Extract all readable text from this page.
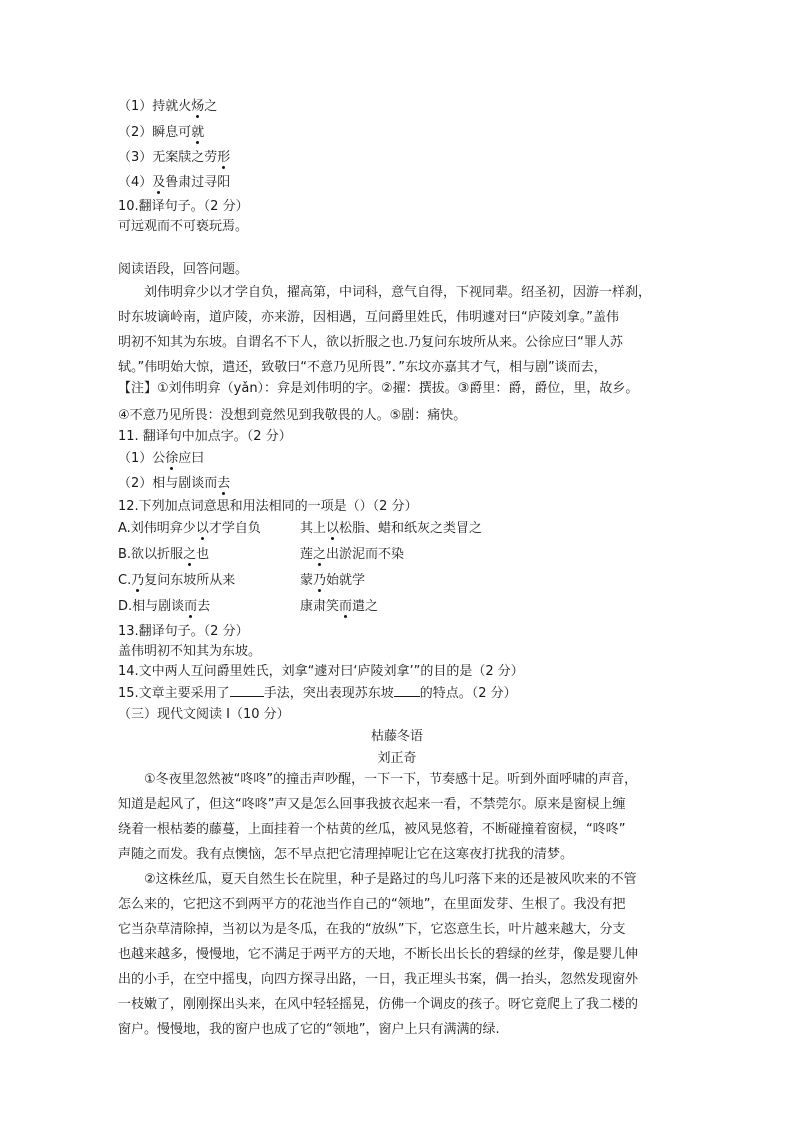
（1）持就火炀之
（2）瞬息可就
（3）无案牍之劳形
（4）及鲁肃过寻阳
10.翻译句子。（2 分）
可远观而不可亵玩焉。
阅读语段，回答问题。
刘伟明弇少以才学自负，擢高第，中词科，意气自得，下视同辈。绍圣初，因游一样刹，
时东坡谪岭南，道庐陵，亦来游，因相遇，互问爵里姓氏，伟明遽对曰“庐陵刘拿。”盖伟
明初不知其为东坡。自谓名不下人，欲以折服之也.乃复问东坡所从来。公徐应曰“罪人苏
轼。”伟明始大惊，遣还，致敬曰“不意乃见所畏”．”东坟亦嘉其才气，相与剧”谈而去，
【注】①刘伟明弇（yǎn）：弇是刘伟明的字。②擢：撰拔。③爵里：爵，爵位，里，故乡。
④不意乃见所畏：没想到竟然见到我敬畏的人。⑤剧：痛快。
11. 翻译句中加点字。（2 分）
（1）公徐应曰
（2）相与剧谈而去
12.下列加点词意思和用法相同的一项是（）（2 分）
A.刘伟明弇少以才学自负	其上以松脂、蜡和纸灰之类冒之
B.欲以折服之也	莲之出淤泥而不染
C.乃复问东坡所从来	蒙乃始就学
D.相与剧谈而去	康肃笑而遣之
13.翻译句子。（2 分）
盖伟明初不知其为东坡。
14.文中两人互问爵里姓氏，刘拿“遽对曰‘庐陵刘拿’”的目的是（2 分）
15.文章主要采用了	手法，突出表现苏东坡 的特点。（2 分）
（三）现代文阅读 I（10 分）
枯藤冬语
刘正奇
①冬夜里忽然被“咚咚”的撞击声吵醒，一下一下，节奏感十足。听到外面呼啸的声音，
知道是起风了，但这“咚咚”声又是怎么回事我披衣起来一看，不禁莞尔。原来是窗棂上缠
绕着一根枯萎的藤蔓，上面挂着一个枯黄的丝瓜，被风晃悠着，不断碰撞着窗棂，“咚咚”
声随之而发。我有点懊恼，怎不早点把它清理掉呢让它在这寒夜打扰我的清梦。
②这株丝瓜，夏天自然生长在院里，种子是路过的鸟儿叼落下来的还是被风吹来的不管
怎么来的，它把这不到两平方的花池当作自己的“领地”，在里面发芽、生根了。我没有把
它当杂草清除掉，当初以为是冬瓜，在我的“放纵”下，它恣意生长，叶片越来越大，分支
也越来越多，慢慢地，它不满足于两平方的天地，不断长出长长的碧绿的丝芽，像是婴儿伸
出的小手，在空中摇曳，向四方探寻出路，一日，我正埋头书案，偶一抬头，忽然发现窗外
一枝嫩了，刚刚探出头来，在风中轻轻摇晃，仿佛一个调皮的孩子。呀它竟爬上了我二楼的
窗户。慢慢地，我的窗户也成了它的“领地”，窗户上只有满满的绿.
